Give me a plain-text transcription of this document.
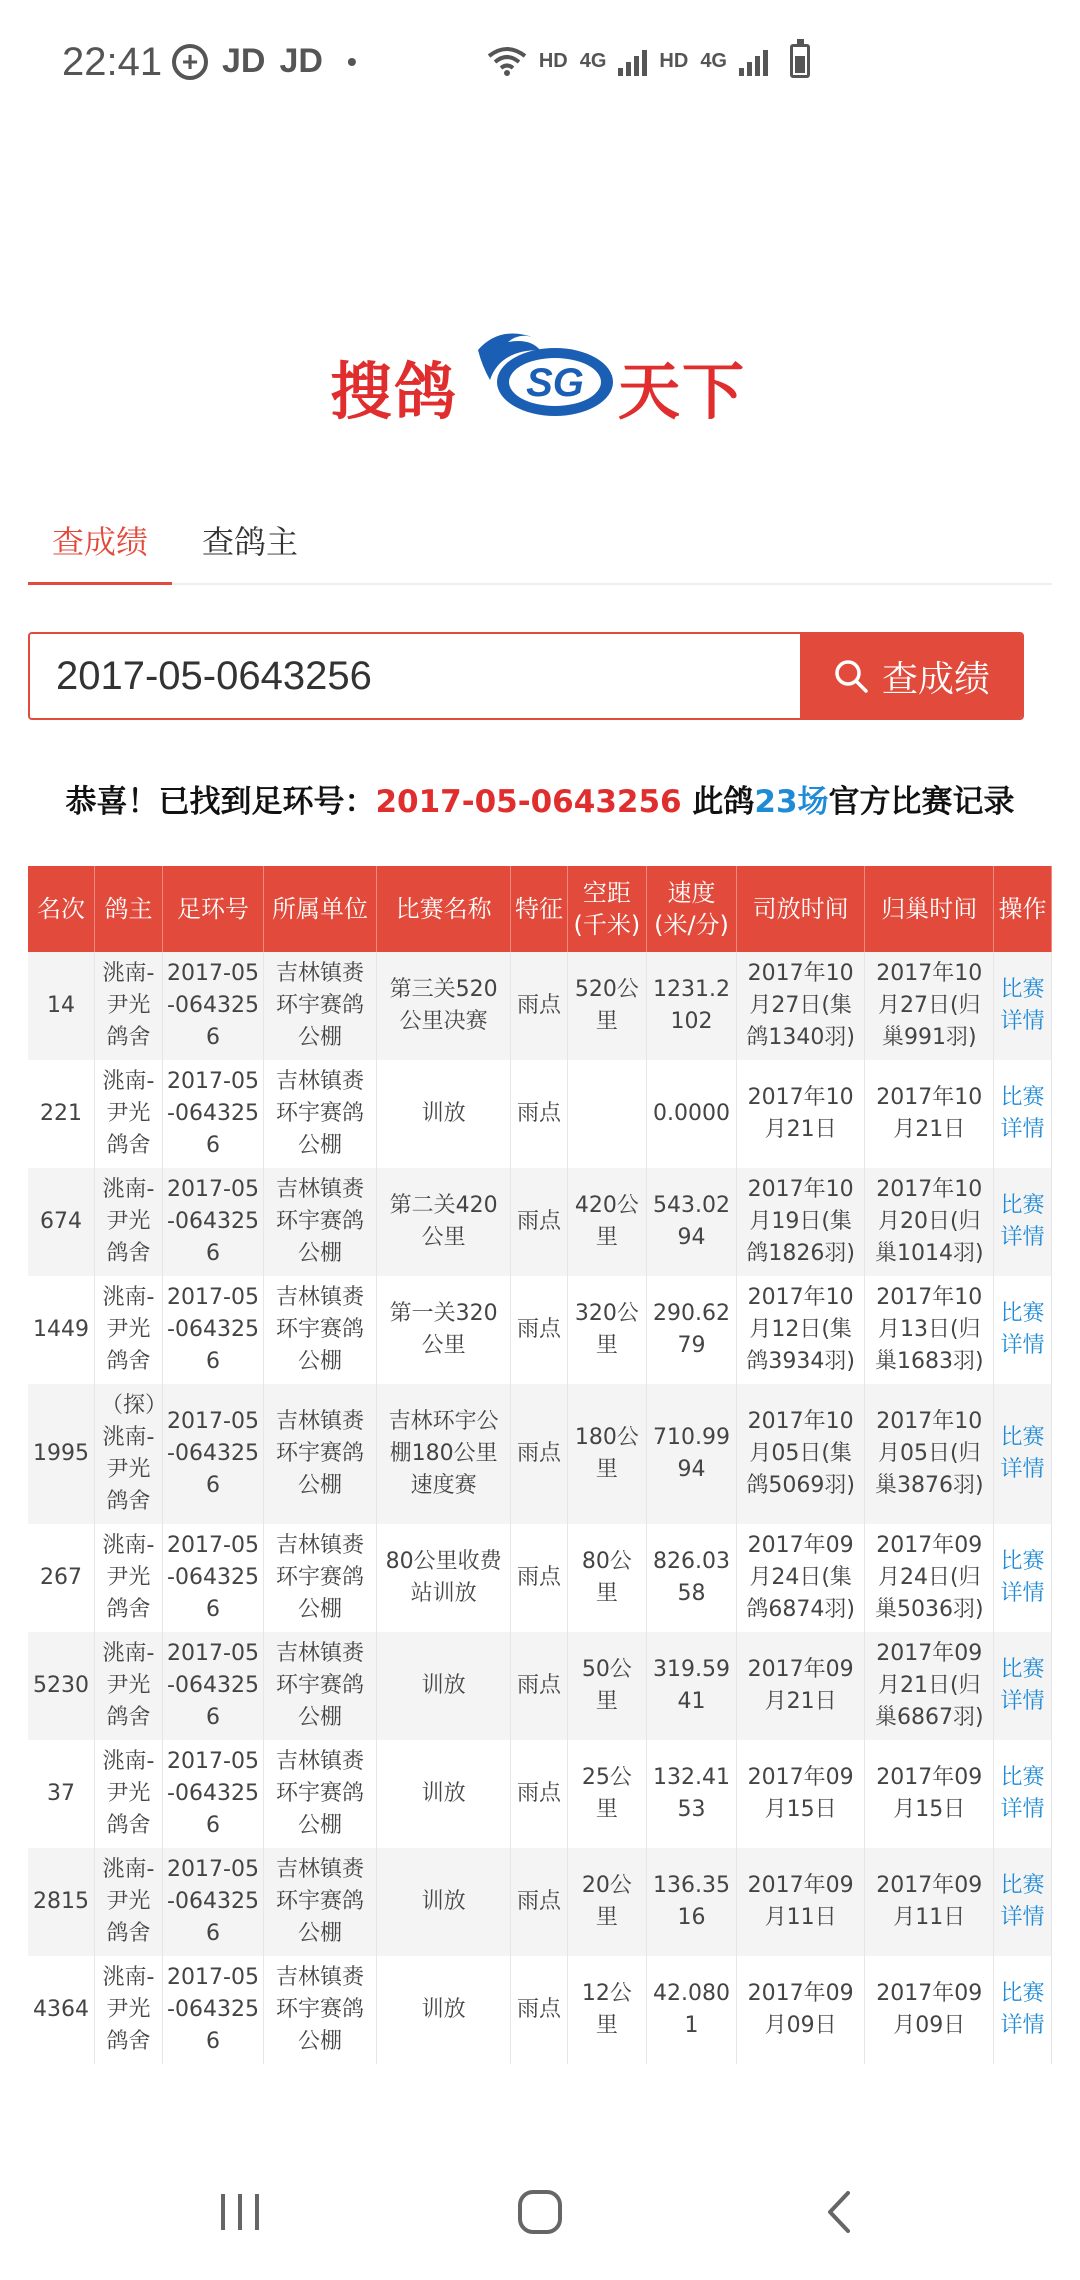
22:41 + JD JD •	HD 4G	HD 4G
搜鸽 SG 天下
查成绩	查鸽主
2017-05-0643256
查成绩
恭喜！已找到足环号：2017-05-0643256 此鸽23场官方比赛记录
名次	鸽主	足环号	所属单位	比赛名称	特征	空距(千米)	速度(米/分)	司放时间	归巢时间	操作
14	洮南-尹光鸽舍	2017-05-0643256	吉林镇赉环宇赛鸽公棚	第三关520公里决赛	雨点	520公里	1231.2102	2017年10月27日(集鸽1340羽)	2017年10月27日(归巢991羽)	比赛详情
221	洮南-尹光鸽舍	2017-05-0643256	吉林镇赉环宇赛鸽公棚	训放	雨点		0.0000	2017年10月21日	2017年10月21日	比赛详情
674	洮南-尹光鸽舍	2017-05-0643256	吉林镇赉环宇赛鸽公棚	第二关420公里	雨点	420公里	543.0294	2017年10月19日(集鸽1826羽)	2017年10月20日(归巢1014羽)	比赛详情
1449	洮南-尹光鸽舍	2017-05-0643256	吉林镇赉环宇赛鸽公棚	第一关320公里	雨点	320公里	290.6279	2017年10月12日(集鸽3934羽)	2017年10月13日(归巢1683羽)	比赛详情
1995	（探）洮南-尹光鸽舍	2017-05-0643256	吉林镇赉环宇赛鸽公棚	吉林环宇公棚180公里速度赛	雨点	180公里	710.9994	2017年10月05日(集鸽5069羽)	2017年10月05日(归巢3876羽)	比赛详情
267	洮南-尹光鸽舍	2017-05-0643256	吉林镇赉环宇赛鸽公棚	80公里收费站训放	雨点	80公里	826.0358	2017年09月24日(集鸽6874羽)	2017年09月24日(归巢5036羽)	比赛详情
5230	洮南-尹光鸽舍	2017-05-0643256	吉林镇赉环宇赛鸽公棚	训放	雨点	50公里	319.5941	2017年09月21日	2017年09月21日(归巢6867羽)	比赛详情
37	洮南-尹光鸽舍	2017-05-0643256	吉林镇赉环宇赛鸽公棚	训放	雨点	25公里	132.4153	2017年09月15日	2017年09月15日	比赛详情
2815	洮南-尹光鸽舍	2017-05-0643256	吉林镇赉环宇赛鸽公棚	训放	雨点	20公里	136.3516	2017年09月11日	2017年09月11日	比赛详情
4364	洮南-尹光鸽舍	2017-05-0643256	吉林镇赉环宇赛鸽公棚	训放	雨点	12公里	42.0801	2017年09月09日	2017年09月09日	比赛详情
